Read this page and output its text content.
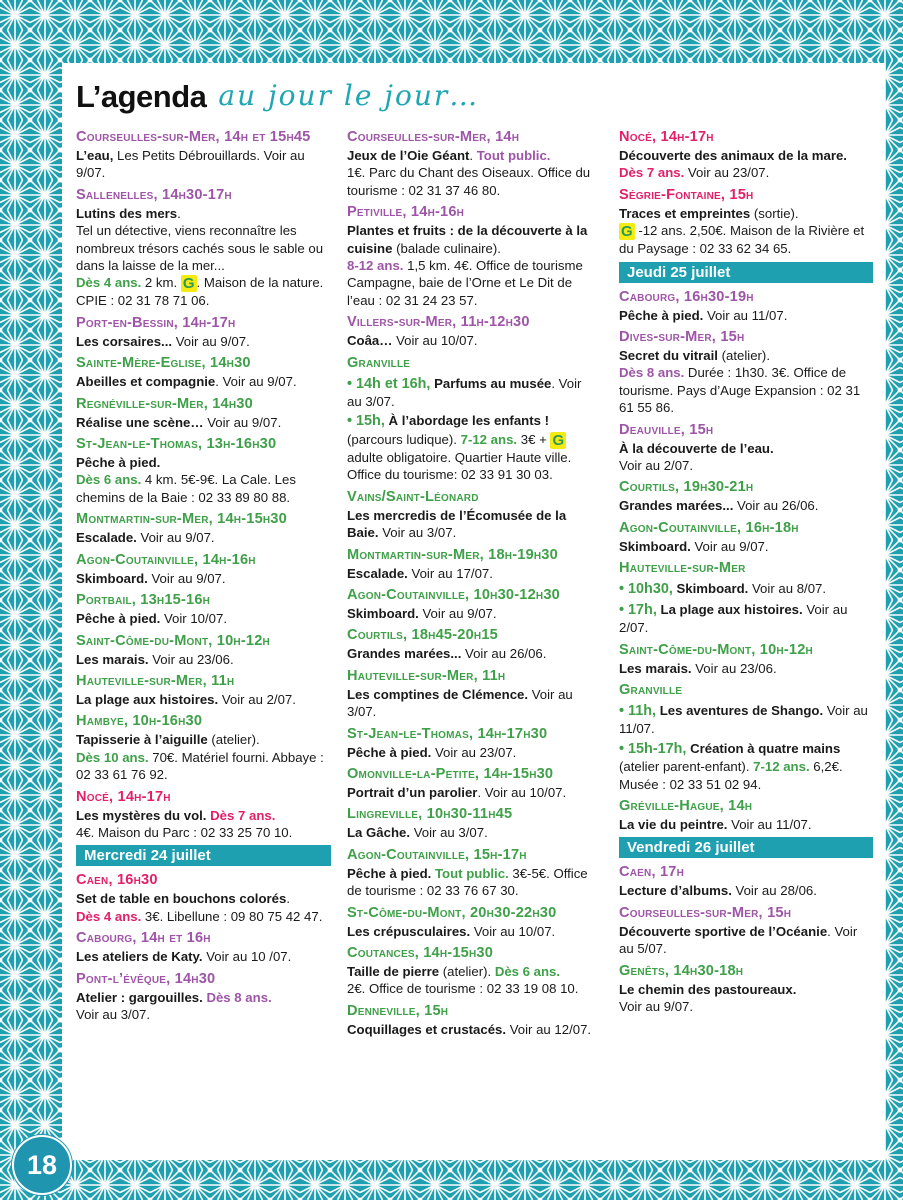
L’agenda au jour le jour…
Courseulles-sur-Mer, 14h et 15h45
L’eau, Les Petits Débrouillards. Voir au 9/07.
Sallenelles, 14h30-17h
Lutins des mers.
Tel un détective, viens reconnaître les nombreux trésors cachés sous le sable ou dans la laisse de la mer...
Dès 4 ans. 2 km. G . Maison de la nature. CPIE : 02 31 78 71 06.
Port-en-Bessin, 14h-17h
Les corsaires... Voir au 9/07.
Sainte-Mère-Eglise, 14h30
Abeilles et compagnie. Voir au 9/07.
Regnéville-sur-Mer, 14h30
Réalise une scène… Voir au 9/07.
St-Jean-le-Thomas, 13h-16h30
Pêche à pied.
Dès 6 ans. 4 km. 5€-9€. La Cale. Les chemins de la Baie : 02 33 89 80 88.
Montmartin-sur-Mer, 14h-15h30
Escalade. Voir au 9/07.
Agon-Coutainville, 14h-16h
Skimboard. Voir au 9/07.
Portbail, 13h15-16h
Pêche à pied. Voir 10/07.
Saint-Côme-du-Mont, 10h-12h
Les marais. Voir au 23/06.
Hauteville-sur-Mer, 11h
La plage aux histoires. Voir au 2/07.
Hambye, 10h-16h30
Tapisserie à l’aiguille (atelier).
Dès 10 ans. 70€. Matériel fourni. Abbaye : 02 33 61 76 92.
Nocé, 14h-17h
Les mystères du vol. Dès 7 ans.
4€. Maison du Parc : 02 33 25 70 10.
Mercredi 24 juillet
Caen, 16h30
Set de table en bouchons colorés.
Dès 4 ans. 3€. Libellune : 09 80 75 42 47.
Cabourg, 14h et 16h
Les ateliers de Katy. Voir au 10 /07.
Pont-l’évêque, 14h30
Atelier : gargouilles. Dès 8 ans.
Voir au 3/07.
Courseulles-sur-Mer, 14h
Jeux de l’Oie Géant. Tout public.
1€. Parc du Chant des Oiseaux. Office du tourisme : 02 31 37 46 80.
Petiville, 14h-16h
Plantes et fruits : de la découverte à la cuisine (balade culinaire).
8-12 ans. 1,5 km. 4€. Office de tourisme Campagne, baie de l’Orne et Le Dit de l’eau : 02 31 24 23 57.
Villers-sur-Mer, 11h-12h30
Coâa… Voir au 10/07.
Granville
• 14h et 16h, Parfums au musée. Voir au 3/07.
• 15h, À l’abordage les enfants ! (parcours ludique). 7-12 ans. 3€ + G adulte obligatoire. Quartier Haute ville. Office du tourisme: 02 33 91 30 03.
Vains/Saint-Léonard
Les mercredis de l’Écomusée de la Baie. Voir au 3/07.
Montmartin-sur-Mer, 18h-19h30
Escalade. Voir au 17/07.
Agon-Coutainville, 10h30-12h30
Skimboard. Voir au 9/07.
Courtils, 18h45-20h15
Grandes marées... Voir au 26/06.
Hauteville-sur-Mer, 11h
Les comptines de Clémence. Voir au 3/07.
St-Jean-le-Thomas, 14h-17h30
Pêche à pied. Voir au 23/07.
Omonville-la-Petite, 14h-15h30
Portrait d’un parolier. Voir au 10/07.
Lingreville, 10h30-11h45
La Gâche. Voir au 3/07.
Agon-Coutainville, 15h-17h
Pêche à pied. Tout public. 3€-5€. Office de tourisme : 02 33 76 67 30.
St-Côme-du-Mont, 20h30-22h30
Les crépusculaires. Voir au 10/07.
Coutances, 14h-15h30
Taille de pierre (atelier). Dès 6 ans.
2€. Office de tourisme : 02 33 19 08 10.
Denneville, 15h
Coquillages et crustacés. Voir au 12/07.
Nocé, 14h-17h
Découverte des animaux de la mare.
Dès 7 ans. Voir au 23/07.
Ségrie-Fontaine, 15h
Traces et empreintes (sortie).
G -12 ans. 2,50€. Maison de la Rivière et du Paysage : 02 33 62 34 65.
Jeudi 25 juillet
Cabourg, 16h30-19h
Pêche à pied. Voir au 11/07.
Dives-sur-Mer, 15h
Secret du vitrail (atelier).
Dès 8 ans. Durée : 1h30. 3€. Office de tourisme. Pays d’Auge Expansion : 02 31 61 55 86.
Deauville, 15h
À la découverte de l’eau.
Voir au 2/07.
Courtils, 19h30-21h
Grandes marées... Voir au 26/06.
Agon-Coutainville, 16h-18h
Skimboard. Voir au 9/07.
Hauteville-sur-Mer
• 10h30, Skimboard. Voir au 8/07.
• 17h, La plage aux histoires. Voir au 2/07.
Saint-Côme-du-Mont, 10h-12h
Les marais. Voir au 23/06.
Granville
• 11h, Les aventures de Shango. Voir au 11/07.
• 15h-17h, Création à quatre mains (atelier parent-enfant). 7-12 ans. 6,2€. Musée : 02 33 51 02 94.
Gréville-Hague, 14h
La vie du peintre. Voir au 11/07.
Vendredi 26 juillet
Caen, 17h
Lecture d’albums. Voir au 28/06.
Courseulles-sur-Mer, 15h
Découverte sportive de l’Océanie. Voir au 5/07.
Genêts, 14h30-18h
Le chemin des pastoureaux.
Voir au 9/07.
18
